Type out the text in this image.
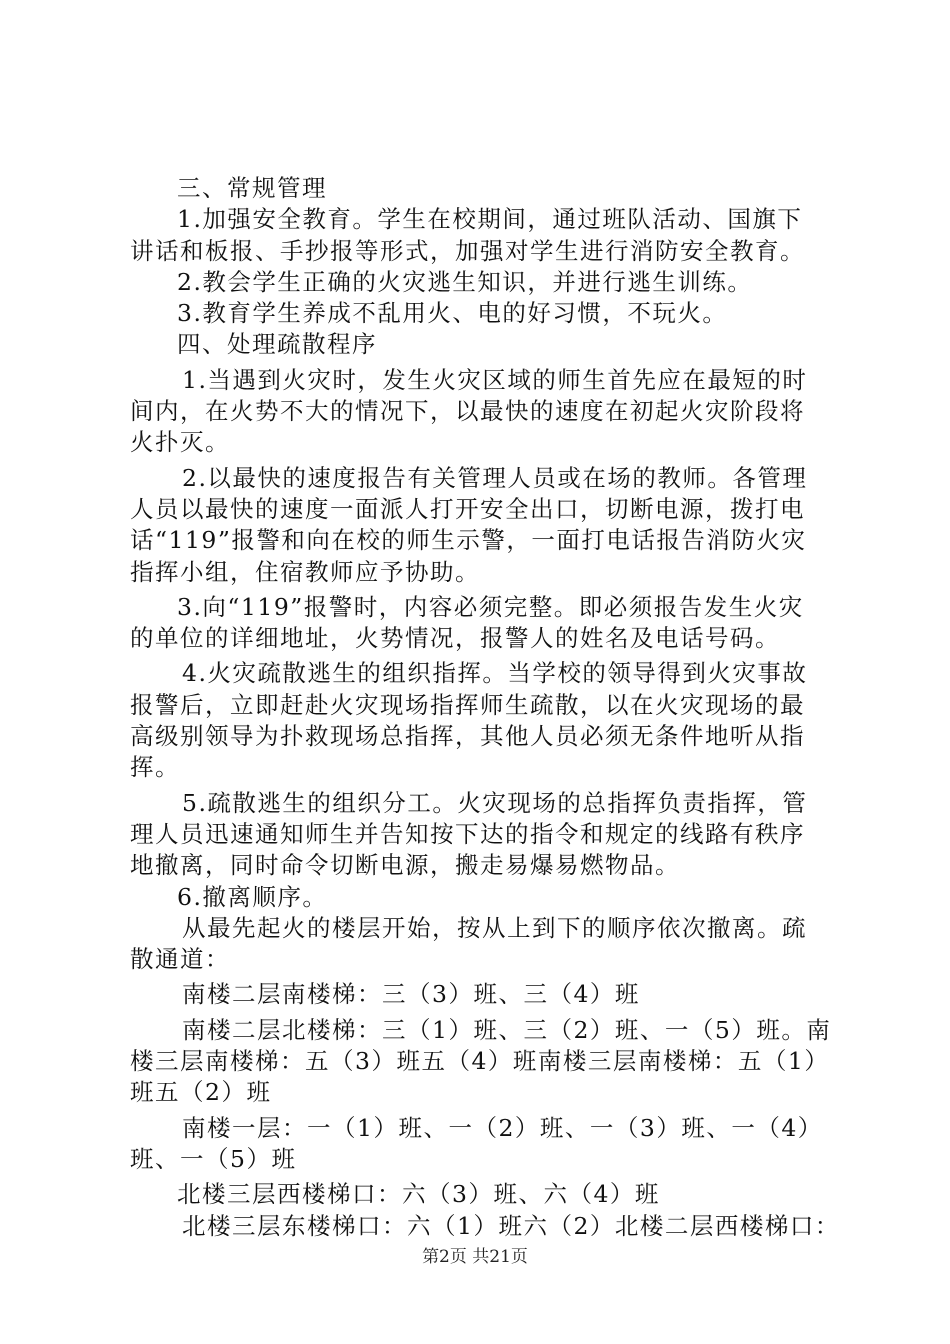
三、常规管理
1.加强安全教育。学生在校期间，通过班队活动、国旗下
讲话和板报、手抄报等形式，加强对学生进行消防安全教育。
2.教会学生正确的火灾逃生知识，并进行逃生训练。
3.教育学生养成不乱用火、电的好习惯，不玩火。
四、处理疏散程序
1.当遇到火灾时，发生火灾区域的师生首先应在最短的时
间内，在火势不大的情况下，以最快的速度在初起火灾阶段将
火扑灭。
2.以最快的速度报告有关管理人员或在场的教师。各管理
人员以最快的速度一面派人打开安全出口，切断电源，拨打电
话“119”报警和向在校的师生示警，一面打电话报告消防火灾
指挥小组，住宿教师应予协助。
3.向“119”报警时，内容必须完整。即必须报告发生火灾
的单位的详细地址，火势情况，报警人的姓名及电话号码。
4.火灾疏散逃生的组织指挥。当学校的领导得到火灾事故
报警后，立即赶赴火灾现场指挥师生疏散，以在火灾现场的最
高级别领导为扑救现场总指挥，其他人员必须无条件地听从指
挥。
5.疏散逃生的组织分工。火灾现场的总指挥负责指挥，管
理人员迅速通知师生并告知按下达的指令和规定的线路有秩序
地撤离，同时命令切断电源，搬走易爆易燃物品。
6.撤离顺序。
从最先起火的楼层开始，按从上到下的顺序依次撤离。疏
散通道：
南楼二层南楼梯：三（3）班、三（4）班
南楼二层北楼梯：三（1）班、三（2）班、一（5）班。南
楼三层南楼梯：五（3）班五（4）班南楼三层南楼梯：五（1）
班五（2）班
南楼一层：一（1）班、一（2）班、一（3）班、一（4）
班、一（5）班
北楼三层西楼梯口：六（3）班、六（4）班
北楼三层东楼梯口：六（1）班六（2）北楼二层西楼梯口：
第2页 共21页
